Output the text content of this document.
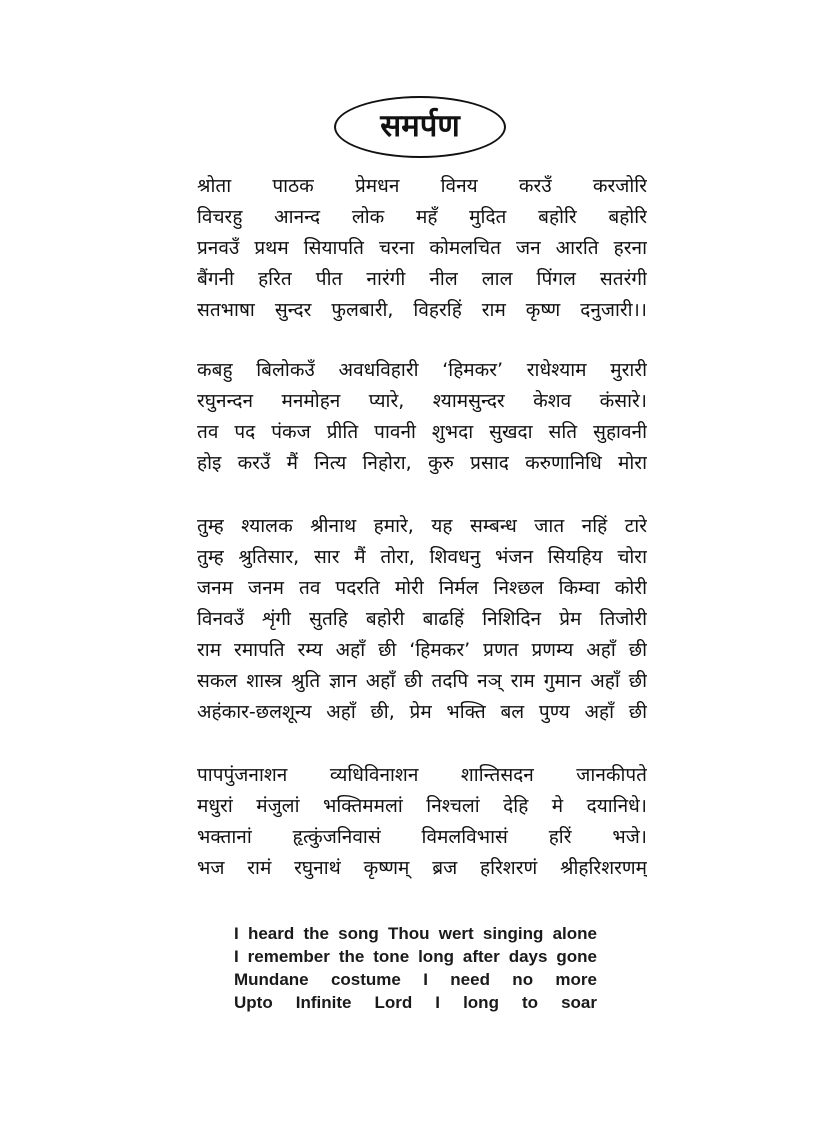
समर्पण
श्रोता पाठक प्रेमधन विनय करउँ करजोरि
विचरहु आनन्द लोक महँ मुदित बहोरि बहोरि
प्रनवउँ प्रथम सियापति चरना कोमलचित जन आरति हरना
बैंगनी हरित पीत नारंगी नील लाल पिंगल सतरंगी
सतभाषा सुन्दर फुलबारी, विहरहिं राम कृष्ण दनुजारी।।
कबहु बिलोकउँ अवधविहारी ‘हिमकर’ राधेश्याम मुरारी
रघुनन्दन मनमोहन प्यारे, श्यामसुन्दर केशव कंसारे।
तव पद पंकज प्रीति पावनी शुभदा सुखदा सति सुहावनी
होइ करउँ मैं नित्य निहोरा, कुरु प्रसाद करुणानिधि मोरा
तुम्ह श्यालक श्रीनाथ हमारे, यह सम्बन्ध जात नहिं टारे
तुम्ह श्रुतिसार, सार मैं तोरा, शिवधनु भंजन सियहिय चोरा
जनम जनम तव पदरति मोरी निर्मल निश्छल किम्वा कोरी
विनवउँ शृंगी सुतहि बहोरी बाढहिं निशिदिन प्रेम तिजोरी
राम रमापति रम्य अहाँ छी ‘हिमकर’ प्रणत प्रणम्य अहाँ छी
सकल शास्त्र श्रुति ज्ञान अहाँ छी तदपि नञ् राम गुमान अहाँ छी
अहंकार-छलशून्य अहाँ छी, प्रेम भक्ति बल पुण्य अहाँ छी
पापपुंजनाशन व्यधिविनाशन शान्तिसदन जानकीपते
मधुरां मंजुलां भक्तिममलां निश्चलां देहि मे दयानिधे।
भक्तानां हृत्कुंजनिवासं विमलविभासं हरिं भजे।
भज रामं रघुनाथं कृष्णम् ब्रज हरिशरणं श्रीहरिशरणम्
I heard the song Thou wert singing alone
I remember the tone long after days gone
Mundane costume I need no more
Upto Infinite Lord I long to soar
